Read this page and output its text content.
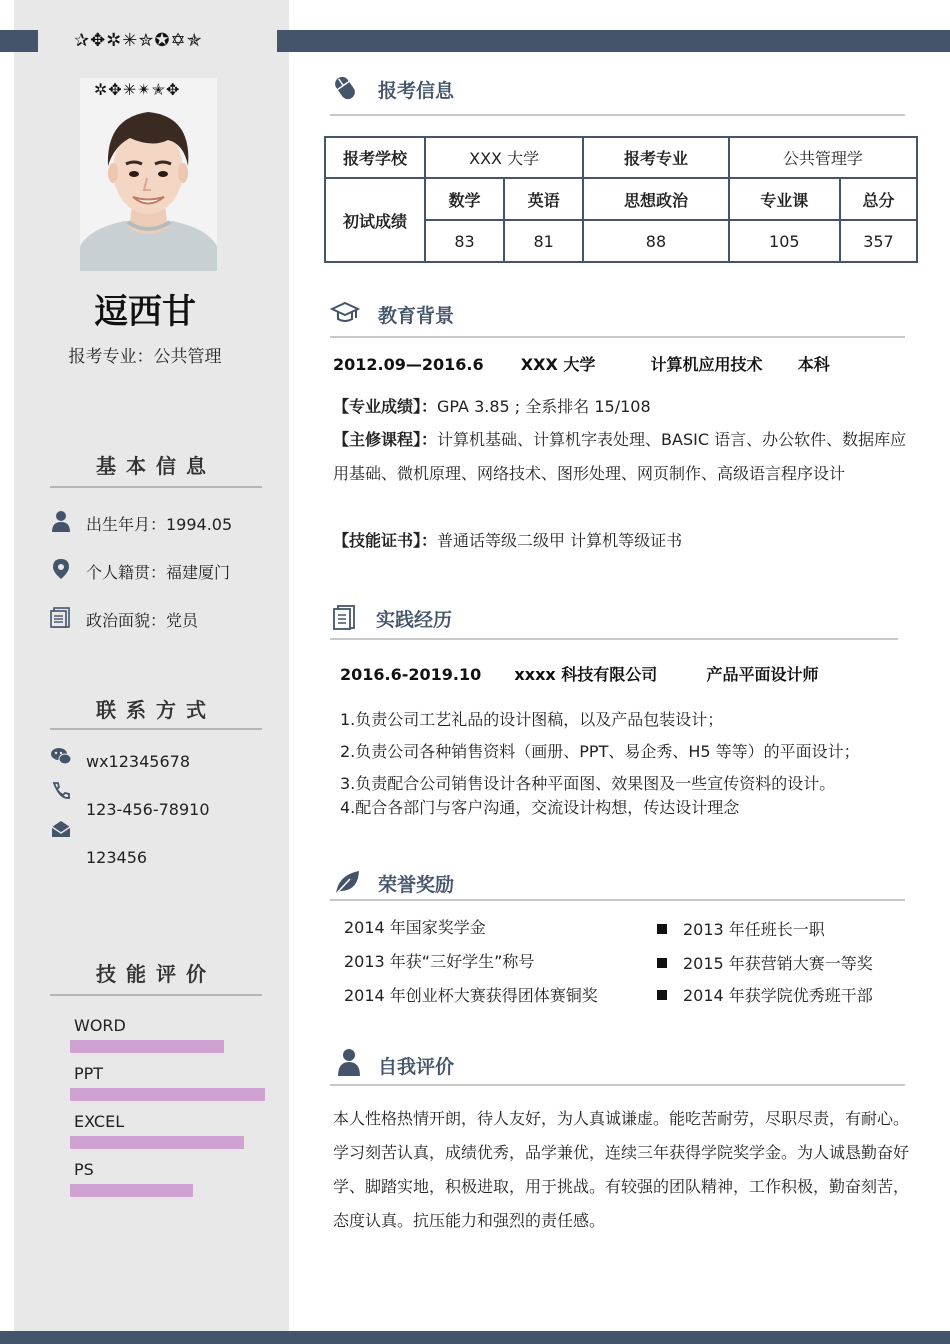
✰✥✲✳✮✪✡✯
✲✥✳✴✭✥
逗西甘
报考专业：公共管理
基本信息
出生年月：1994.05
个人籍贯：福建厦门
政治面貌：党员
联系方式
wx12345678
123-456-78910
123456
技能评价
WORD
PPT
EXCEL
PS
报考信息
报考学校	XXX 大学		报考专业	公共管理学	
初试成绩	数学	英语	思想政治	专业课	总分
	83	81	88	105	357
教育背景
2012.09—2016.6 XXX 大学	计算机应用技术 本科
【专业成绩】：GPA 3.85 ; 全系排名 15/108
【主修课程】：计算机基础、计算机字表处理、BASIC 语言、办公软件、数据库应用基础、微机原理、网络技术、图形处理、网页制作、高级语言程序设计
【技能证书】：普通话等级二级甲 计算机等级证书
实践经历
2016.6-2019.10 xxxx 科技有限公司	产品平面设计师
1.负责公司工艺礼品的设计图稿，以及产品包装设计；
2.负责公司各种销售资料（画册、PPT、易企秀、H5 等等）的平面设计；
3.负责配合公司销售设计各种平面图、效果图及一些宣传资料的设计。
4.配合各部门与客户沟通，交流设计构想，传达设计理念
荣誉奖励
2014 年国家奖学金
2013 年获“三好学生”称号
2014 年创业杯大赛获得团体赛铜奖
2013 年任班长一职
2015 年获营销大赛一等奖
2014 年获学院优秀班干部
自我评价
本人性格热情开朗，待人友好，为人真诚谦虚。能吃苦耐劳，尽职尽责，有耐心。学习刻苦认真，成绩优秀，品学兼优，连续三年获得学院奖学金。为人诚恳勤奋好学、脚踏实地，积极进取，用于挑战。有较强的团队精神，工作积极，勤奋刻苦，态度认真。抗压能力和强烈的责任感。
